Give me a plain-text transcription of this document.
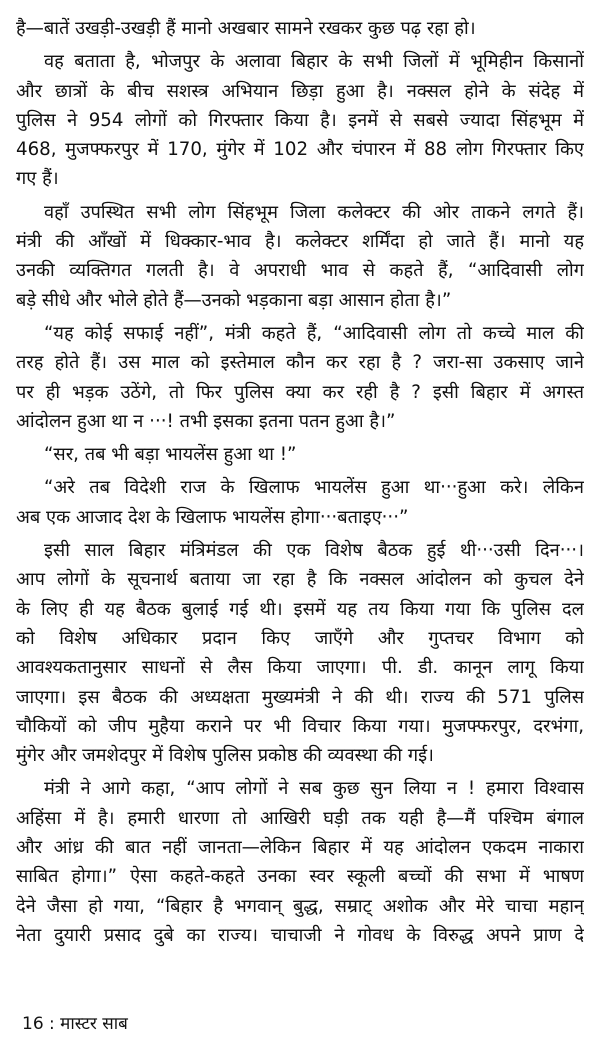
है—बातें उखड़ी-उखड़ी हैं मानो अखबार सामने रखकर कुछ पढ़ रहा हो।
वह बताता है, भोजपुर के अलावा बिहार के सभी जिलों में भूमिहीन किसानों
और छात्रों के बीच सशस्त्र अभियान छिड़ा हुआ है। नक्सल होने के संदेह में
पुलिस ने 954 लोगों को गिरफ्तार किया है। इनमें से सबसे ज्यादा सिंहभूम में
468, मुजफ्फरपुर में 170, मुंगेर में 102 और चंपारन में 88 लोग गिरफ्तार किए
गए हैं।
वहाँ उपस्थित सभी लोग सिंहभूम जिला कलेक्टर की ओर ताकने लगते हैं।
मंत्री की आँखों में धिक्कार-भाव है। कलेक्टर शर्मिंदा हो जाते हैं। मानो यह
उनकी व्यक्तिगत गलती है। वे अपराधी भाव से कहते हैं, “आदिवासी लोग
बड़े सीधे और भोले होते हैं—उनको भड़काना बड़ा आसान होता है।”
“यह कोई सफाई नहीं”, मंत्री कहते हैं, “आदिवासी लोग तो कच्चे माल की
तरह होते हैं। उस माल को इस्तेमाल कौन कर रहा है ? जरा-सा उकसाए जाने
पर ही भड़क उठेंगे, तो फिर पुलिस क्या कर रही है ? इसी बिहार में अगस्त
आंदोलन हुआ था न ···! तभी इसका इतना पतन हुआ है।”
“सर, तब भी बड़ा भायलेंस हुआ था !”
“अरे तब विदेशी राज के खिलाफ भायलेंस हुआ था···हुआ करे। लेकिन
अब एक आजाद देश के खिलाफ भायलेंस होगा···बताइए···”
इसी साल बिहार मंत्रिमंडल की एक विशेष बैठक हुई थी···उसी दिन···।
आप लोगों के सूचनार्थ बताया जा रहा है कि नक्सल आंदोलन को कुचल देने
के लिए ही यह बैठक बुलाई गई थी। इसमें यह तय किया गया कि पुलिस दल
को विशेष अधिकार प्रदान किए जाएँगे और गुप्तचर विभाग को
आवश्यकतानुसार साधनों से लैस किया जाएगा। पी. डी. कानून लागू किया
जाएगा। इस बैठक की अध्यक्षता मुख्यमंत्री ने की थी। राज्य की 571 पुलिस
चौकियों को जीप मुहैया कराने पर भी विचार किया गया। मुजफ्फरपुर, दरभंगा,
मुंगेर और जमशेदपुर में विशेष पुलिस प्रकोष्ठ की व्यवस्था की गई।
मंत्री ने आगे कहा, “आप लोगों ने सब कुछ सुन लिया न ! हमारा विश्वास
अहिंसा में है। हमारी धारणा तो आखिरी घड़ी तक यही है—मैं पश्चिम बंगाल
और आंध्र की बात नहीं जानता—लेकिन बिहार में यह आंदोलन एकदम नाकारा
साबित होगा।” ऐसा कहते-कहते उनका स्वर स्कूली बच्चों की सभा में भाषण
देने जैसा हो गया, “बिहार है भगवान् बुद्ध, सम्राट् अशोक और मेरे चाचा महान्
नेता दुयारी प्रसाद दुबे का राज्य। चाचाजी ने गोवध के विरुद्ध अपने प्राण दे
16 : मास्टर साब
